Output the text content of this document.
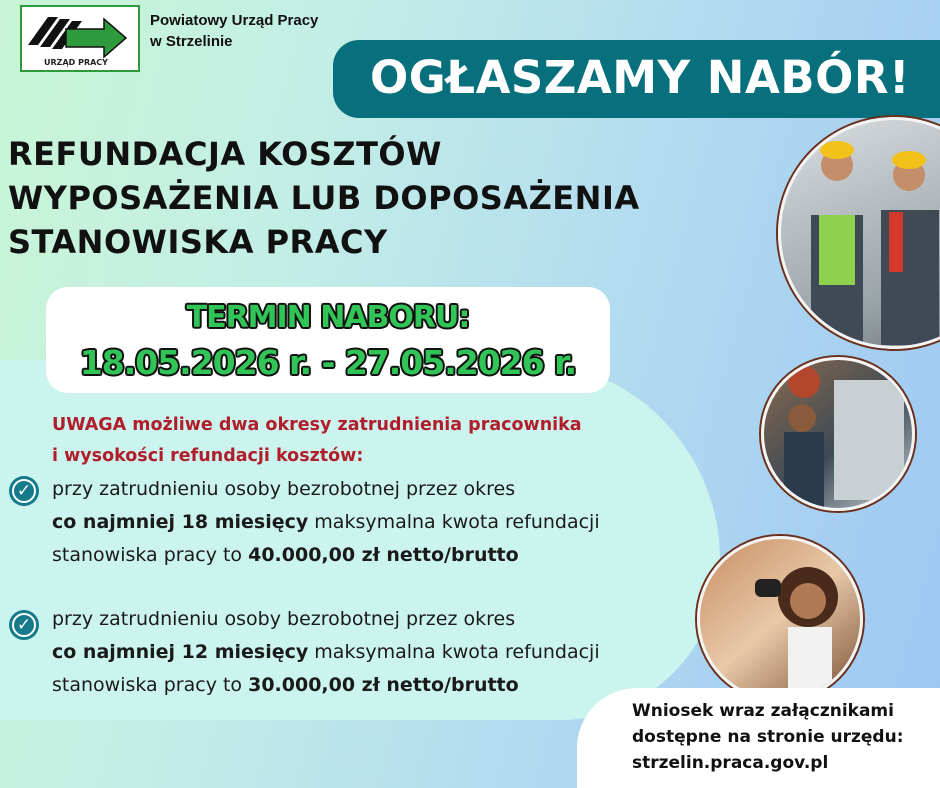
URZĄD PRACY
Powiatowy Urząd Pracy
w Strzelinie
OGŁASZAMY NABÓR!
REFUNDACJA KOSZTÓW
WYPOSAŻENIA LUB DOPOSAŻENIA
STANOWISKA PRACY
TERMIN NABORU:
18.05.2026 r. - 27.05.2026 r.
UWAGA możliwe dwa okresy zatrudnienia pracownika
i wysokości refundacji kosztów:
✓	przy zatrudnieniu osoby bezrobotnej przez okres
co najmniej 18 miesięcy maksymalna kwota refundacji
stanowiska pracy to 40.000,00 zł netto/brutto
✓	przy zatrudnieniu osoby bezrobotnej przez okres
co najmniej 12 miesięcy maksymalna kwota refundacji
stanowiska pracy to 30.000,00 zł netto/brutto
Wniosek wraz załącznikami
dostępne na stronie urzędu:
strzelin.praca.gov.pl
